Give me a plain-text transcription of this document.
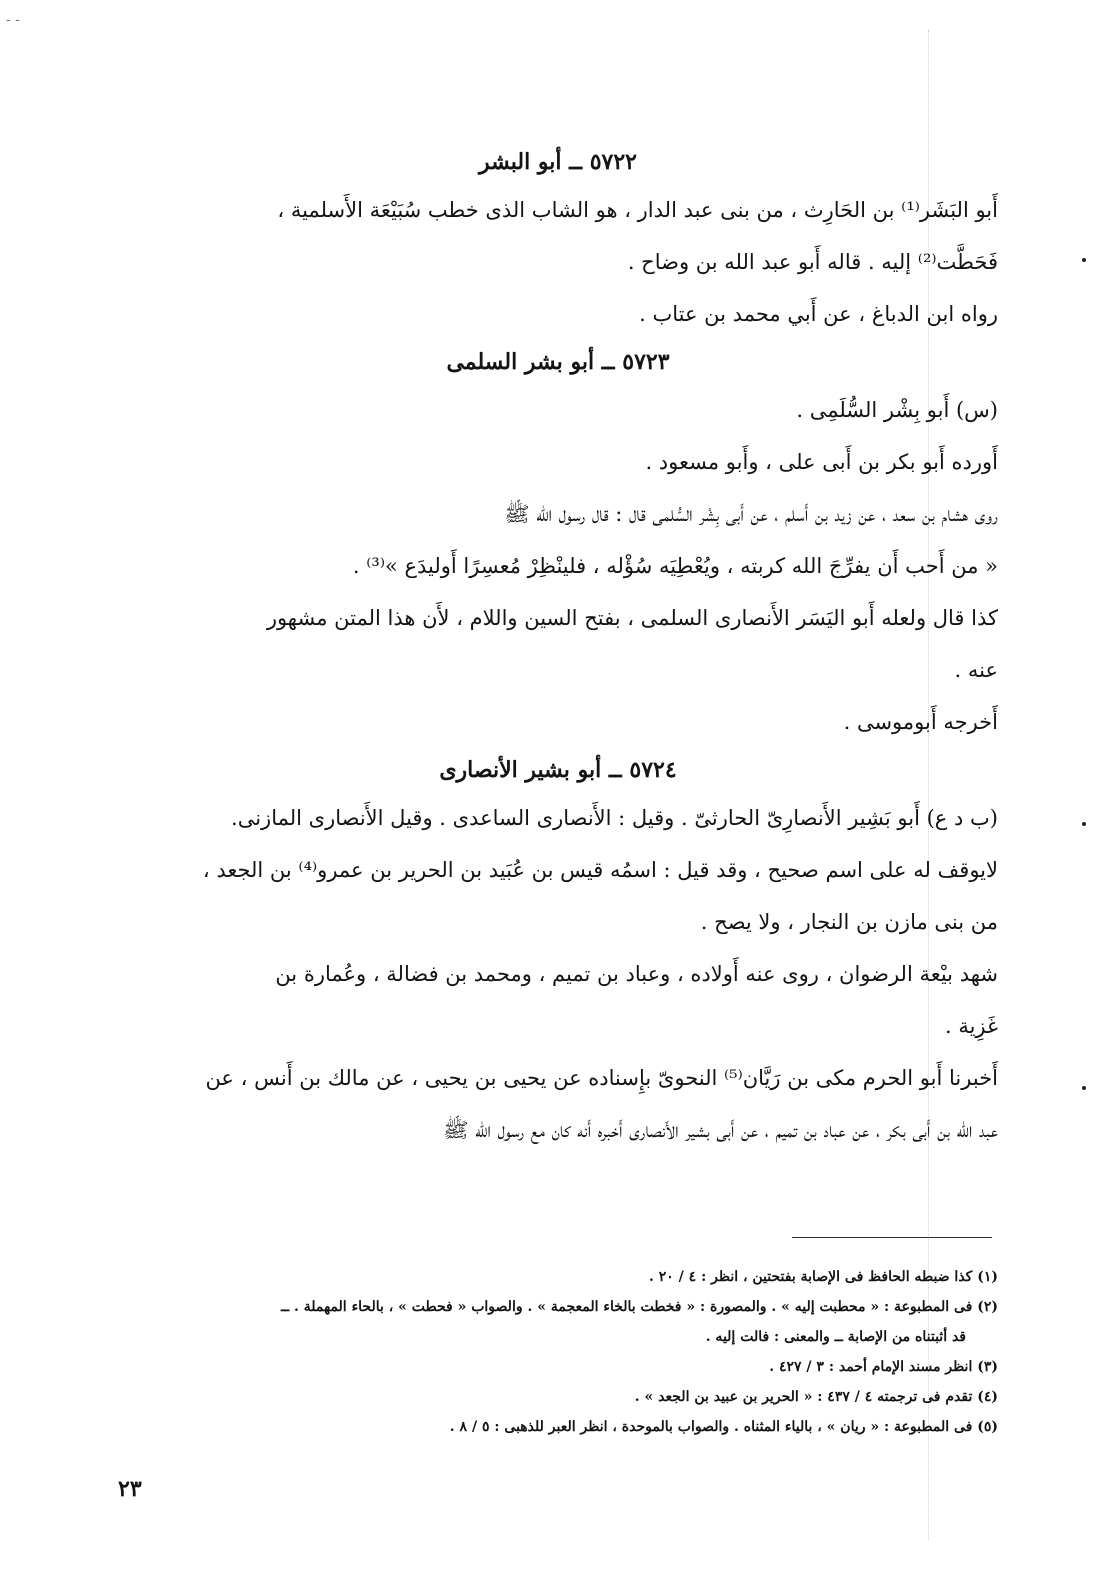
- -
٥٧٢٢ ــ أبو البشر

أَبو البَشَر⁽¹⁾ بن الحَارِث ، من بنى عبد الدار ، هو الشاب الذى خطب سُبَيْعَة الأَسلمية ،
فَحَطَّت⁽²⁾ إليه . قاله أَبو عبد الله بن وضاح .

رواه ابن الدباغ ، عن أَبي محمد بن عتاب .

٥٧٢٣ ــ أبو بشر السلمى

(س) أَبو بِشْر السُّلَمِى .

أَورده أَبو بكر بن أَبى على ، وأَبو مسعود .

روى هشام بن سعد ، عن زيد بن أَسلم ، عن أَبى بِشْر السُّلمى قال : قال رسول الله ﷺ
« من أَحب أَن يفرِّجَ الله كربته ، ويُعْطِيَه سُؤْله ، فلينْظِرْ مُعسِرًا أَوليدَع »⁽³⁾ .

كذا قال ولعله أَبو اليَسَر الأَنصارى السلمى ، بفتح السين واللام ، لأَن هذا المتن مشهور
عنه .

أَخرجه أَبوموسى .

٥٧٢٤ ــ أبو بشير الأنصارى

(ب د ع) أَبو بَشِير الأَنصارِىّ الحارثىّ . وقيل : الأَنصارى الساعدى . وقيل الأَنصارى المازنى.
لايوقف له على اسم صحيح ، وقد قيل : اسمُه قيس بن عُبَيد بن الحرير بن عمرو⁽⁴⁾ بن الجعد ،
من بنى مازن بن النجار ، ولا يصح .

شهد بيْعة الرضوان ، روى عنه أَولاده ، وعباد بن تميم ، ومحمد بن فضالة ، وعُمارة بن
غَزِية .

أَخبرنا أَبو الحرم مكى بن رَيَّان⁽⁵⁾ النحوىّ بإِسناده عن يحيى بن يحيى ، عن مالك بن أَنس ، عن
عبد الله بن أَبى بكر ، عن عباد بن تميم ، عن أَبى بشير الأَنصارى أَخبره أَنه كان مع رسول الله ﷺ

(١) كذا ضبطه الحافظ فى الإصابة بفتحتين ، انظر : ٤ / ٢٠ .

(٢) فى المطبوعة : « محطبت إليه » . والمصورة : « فخطت بالخاء المعجمة » . والصواب « فحطت » ، بالحاء المهملة . ــ

قد أثبتناه من الإصابة ــ والمعنى : فالت إليه .

(٣) انظر مسند الإمام أحمد : ٣ / ٤٢٧ .

(٤) تقدم فى ترجمته ٤ / ٤٣٧ : « الحرير بن عبيد بن الجعد » .

(٥) فى المطبوعة : « ريان » ، بالياء المثناه . والصواب بالموحدة ، انظر العبر للذهبى : ٥ / ٨ .

٢٣
